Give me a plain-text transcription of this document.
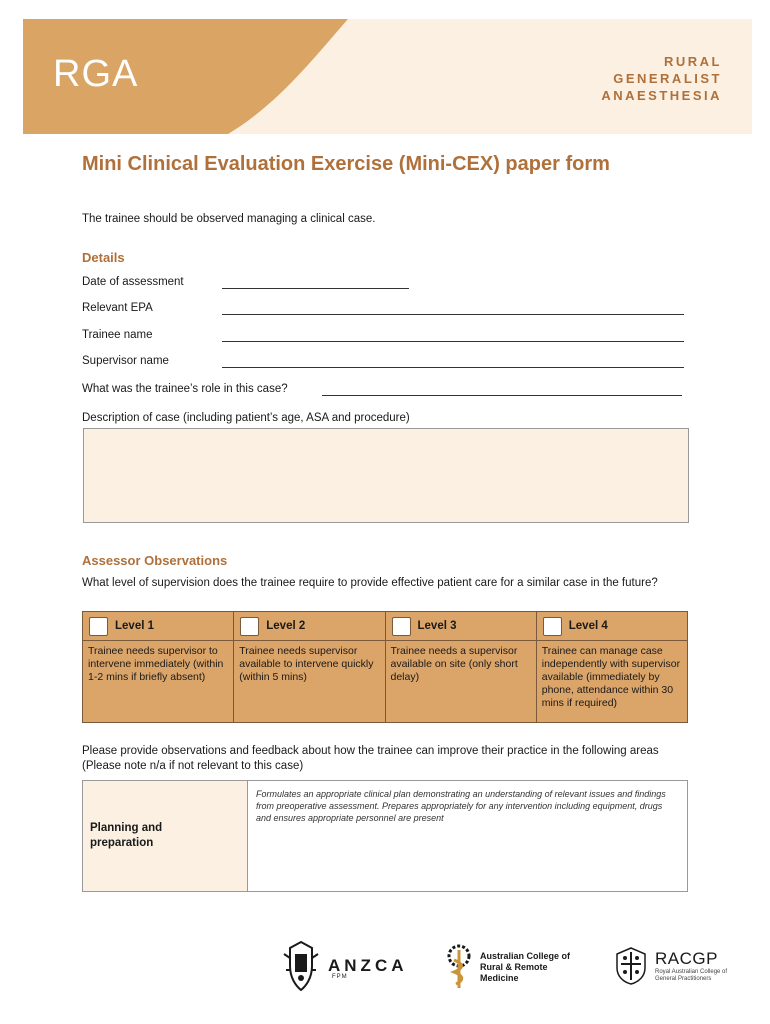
RGA	RURAL
GENERALIST
ANAESTHESIA
Mini Clinical Evaluation Exercise (Mini-CEX) paper form

The trainee should be observed managing a clinical case.

Details
Date of assessment
Relevant EPA
Trainee name
Supervisor name
What was the trainee’s role in this case?

Description of case (including patient’s age, ASA and procedure)

Assessor Observations

What level of supervision does the trainee require to provide effective patient care for a similar case in the future?

Level 1
Trainee needs supervisor to intervene immediately (within 1-2 mins if briefly absent)
Level 2
Trainee needs supervisor available to intervene quickly (within 5 mins)
Level 3
Trainee needs a supervisor available on site (only short delay)
Level 4
Trainee can manage case independently with supervisor available (immediately by phone, attendance within 30 mins if required)

Please provide observations and feedback about how the trainee can improve their practice in the following areas (Please note n/a if not relevant to this case)

Planning and preparation
Formulates an appropriate clinical plan demonstrating an understanding of relevant issues and findings from preoperative assessment. Prepares appropriately for any intervention including equipment, drugs and ensures appropriate personnel are present
ANZCA
FPM
Australian College of Rural & Remote Medicine
RACGP
Royal Australian College of General Practitioners
